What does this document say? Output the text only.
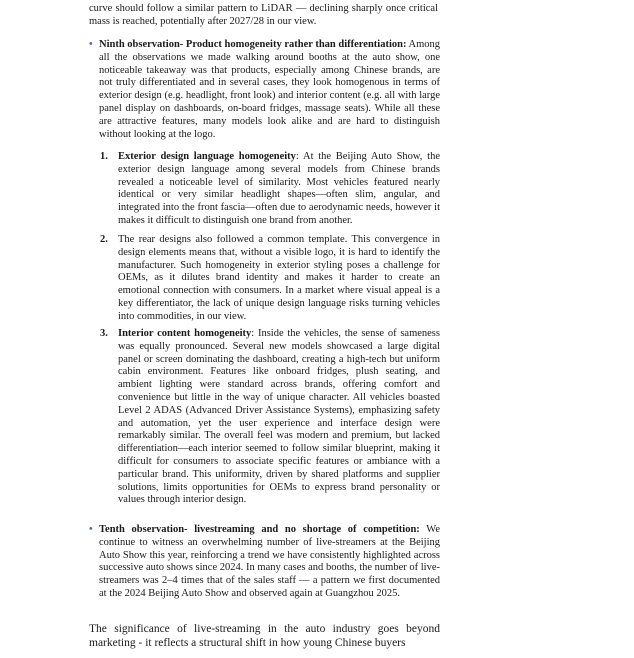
curve should follow a similar pattern to LiDAR — declining sharply once critical mass is reached, potentially after 2027/28 in our view.
• Ninth observation- Product homogeneity rather than differentiation: Among all the observations we made walking around booths at the auto show, one noticeable takeaway was that products, especially among Chinese brands, are not truly differentiated and in several cases, they look homogenous in terms of exterior design (e.g. headlight, front look) and interior content (e.g. all with large panel display on dashboards, on-board fridges, massage seats). While all these are attractive features, many models look alike and are hard to distinguish without looking at the logo.
1. Exterior design language homogeneity: At the Beijing Auto Show, the exterior design language among several models from Chinese brands revealed a noticeable level of similarity. Most vehicles featured nearly identical or very similar headlight shapes—often slim, angular, and integrated into the front fascia—often due to aerodynamic needs, however it makes it difficult to distinguish one brand from another.
2. The rear designs also followed a common template. This convergence in design elements means that, without a visible logo, it is hard to identify the manufacturer. Such homogeneity in exterior styling poses a challenge for OEMs, as it dilutes brand identity and makes it harder to create an emotional connection with consumers. In a market where visual appeal is a key differentiator, the lack of unique design language risks turning vehicles into commodities, in our view.
3. Interior content homogeneity: Inside the vehicles, the sense of sameness was equally pronounced. Several new models showcased a large digital panel or screen dominating the dashboard, creating a high-tech but uniform cabin environment. Features like onboard fridges, plush seating, and ambient lighting were standard across brands, offering comfort and convenience but little in the way of unique character. All vehicles boasted Level 2 ADAS (Advanced Driver Assistance Systems), emphasizing safety and automation, yet the user experience and interface design were remarkably similar. The overall feel was modern and premium, but lacked differentiation—each interior seemed to follow similar blueprint, making it difficult for consumers to associate specific features or ambiance with a particular brand. This uniformity, driven by shared platforms and supplier solutions, limits opportunities for OEMs to express brand personality or values through interior design.
• Tenth observation- livestreaming and no shortage of competition: We continue to witness an overwhelming number of live-streamers at the Beijing Auto Show this year, reinforcing a trend we have consistently highlighted across successive auto shows since 2024. In many cases and booths, the number of live-streamers was 2–4 times that of the sales staff — a pattern we first documented at the 2024 Beijing Auto Show and observed again at Guangzhou 2025.
The significance of live-streaming in the auto industry goes beyond marketing - it reflects a structural shift in how young Chinese buyers
